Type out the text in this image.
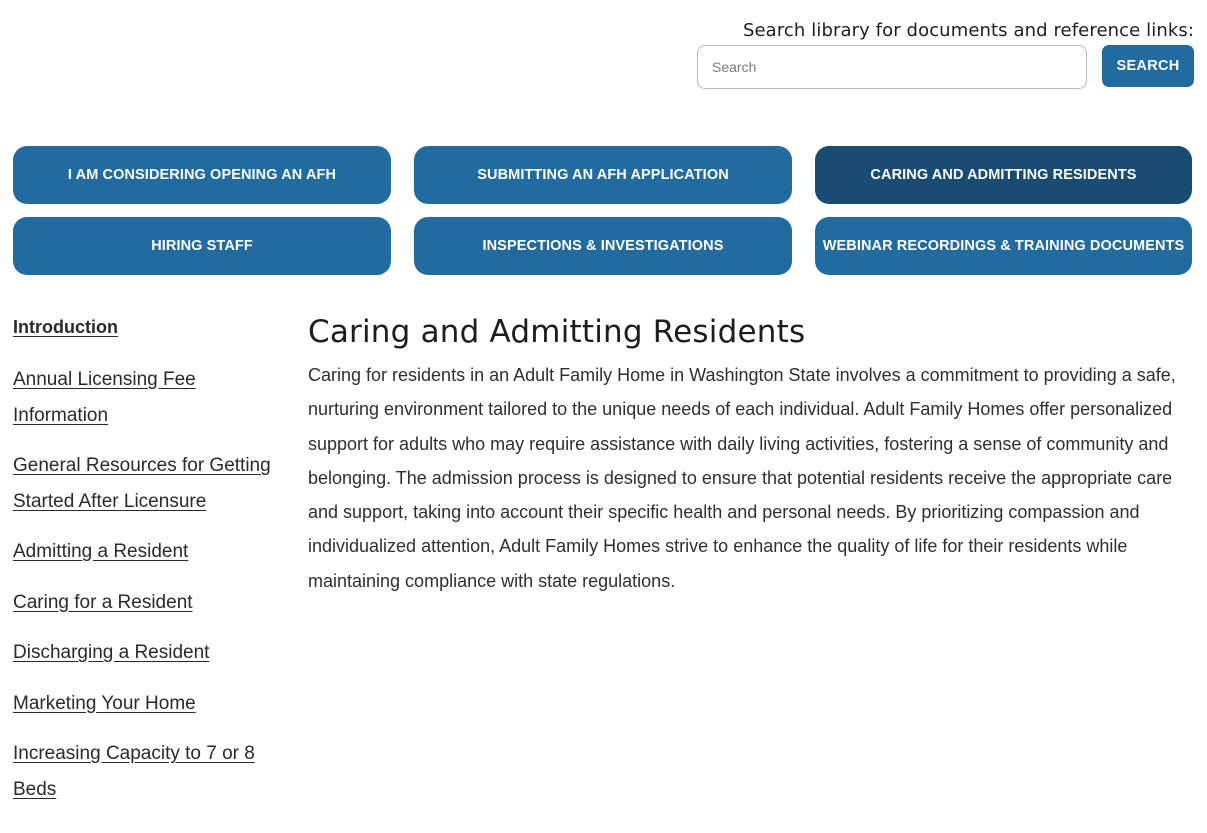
Search library for documents and reference links:
Search
SEARCH
I AM CONSIDERING OPENING AN AFH	SUBMITTING AN AFH APPLICATION	CARING AND ADMITTING RESIDENTS
HIRING STAFF	INSPECTIONS & INVESTIGATIONS	WEBINAR RECORDINGS & TRAINING DOCUMENTS
Introduction
Annual Licensing Fee Information
General Resources for Getting Started After Licensure
Admitting a Resident
Caring for a Resident
Discharging a Resident
Marketing Your Home
Increasing Capacity to 7 or 8 Beds
Caring and Admitting Residents

Caring for residents in an Adult Family Home in Washington State involves a commitment to providing a safe, nurturing environment tailored to the unique needs of each individual. Adult Family Homes offer personalized support for adults who may require assistance with daily living activities, fostering a sense of community and belonging. The admission process is designed to ensure that potential residents receive the appropriate care and support, taking into account their specific health and personal needs. By prioritizing compassion and individualized attention, Adult Family Homes strive to enhance the quality of life for their residents while maintaining compliance with state regulations.
